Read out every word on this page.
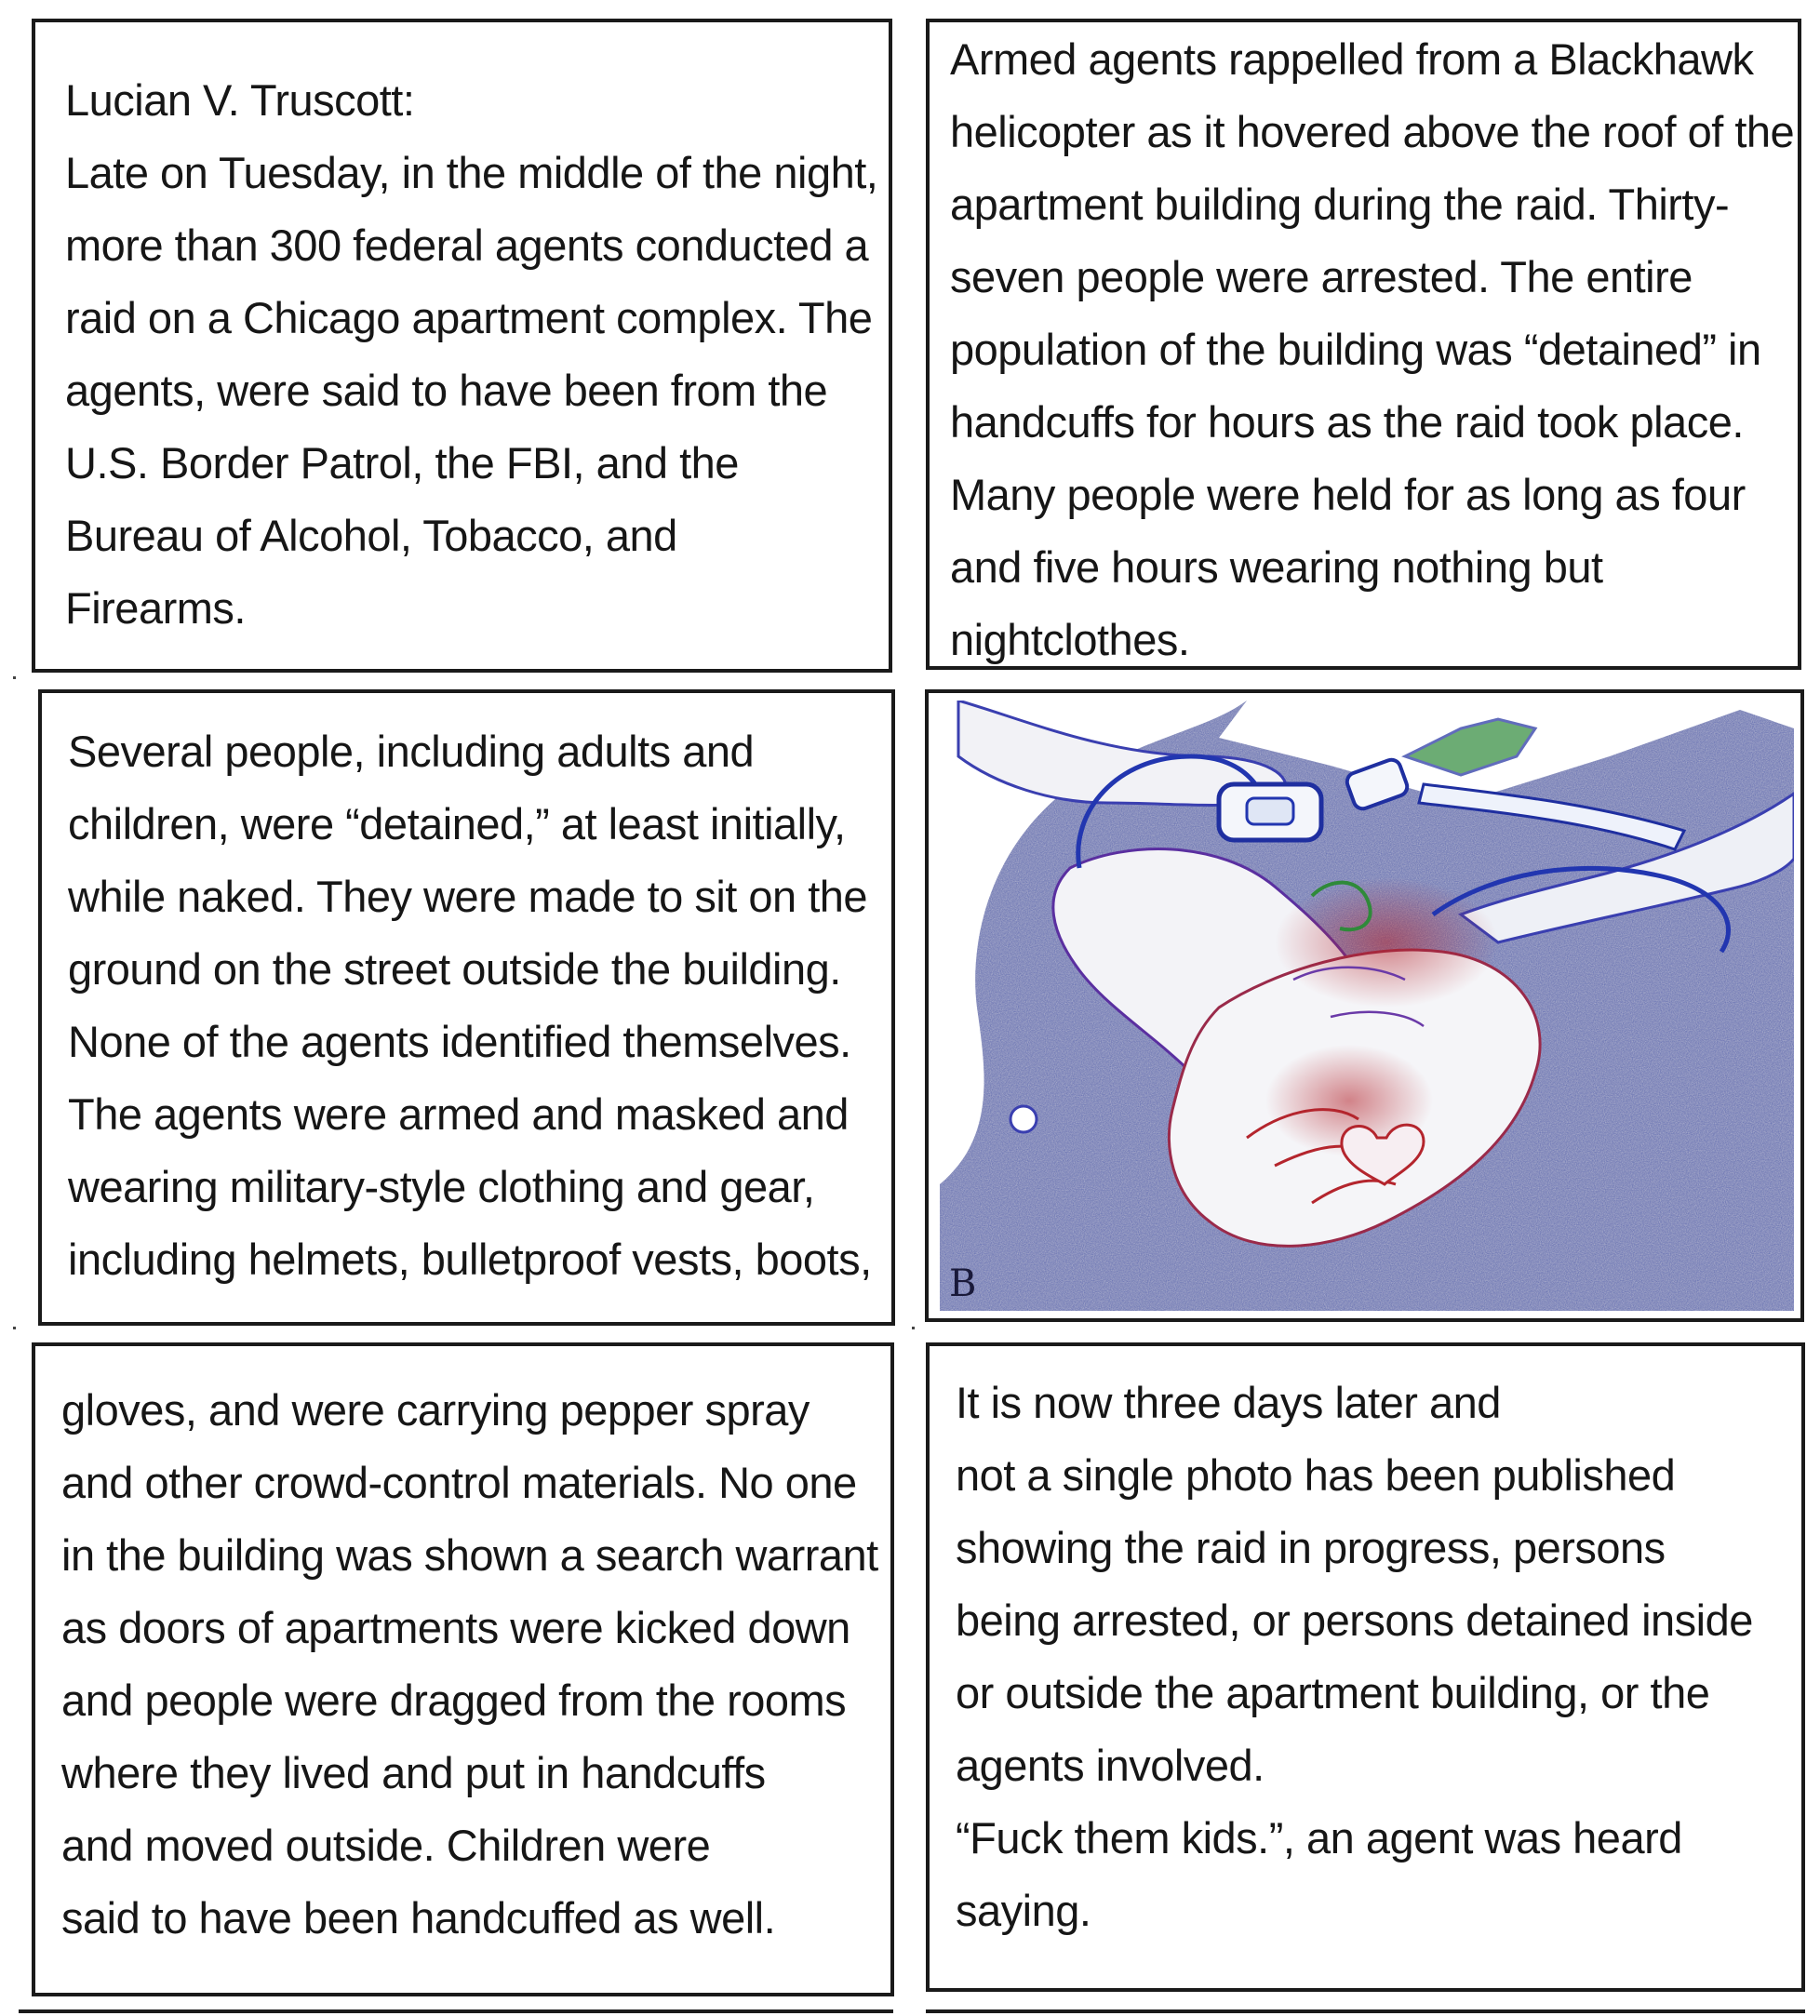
Lucian V. Truscott:
Late on Tuesday, in the middle of the night,
more than 300 federal agents conducted a
raid on a Chicago apartment complex. The
agents, were said to have been from the
U.S. Border Patrol, the FBI, and the
Bureau of Alcohol, Tobacco, and
Firearms.

Armed agents rappelled from a Blackhawk
helicopter as it hovered above the roof of the
apartment building during the raid. Thirty-
seven people were arrested. The entire
population of the building was “detained” in
handcuffs for hours as the raid took place.
Many people were held for as long as four
and five hours wearing nothing but
nightclothes.

Several people, including adults and
children, were “detained,” at least initially,
while naked. They were made to sit on the
ground on the street outside the building.
None of the agents identified themselves.
The agents were armed and masked and
wearing military-style clothing and gear,
including helmets, bulletproof vests, boots, B

gloves, and were carrying pepper spray
and other crowd-control materials. No one
in the building was shown a search warrant
as doors of apartments were kicked down
and people were dragged from the rooms
where they lived and put in handcuffs
and moved outside. Children were
said to have been handcuffed as well.

It is now three days later and
not a single photo has been published
showing the raid in progress, persons
being arrested, or persons detained inside
or outside the apartment building, or the
agents involved.
“Fuck them kids.”, an agent was heard
saying.
